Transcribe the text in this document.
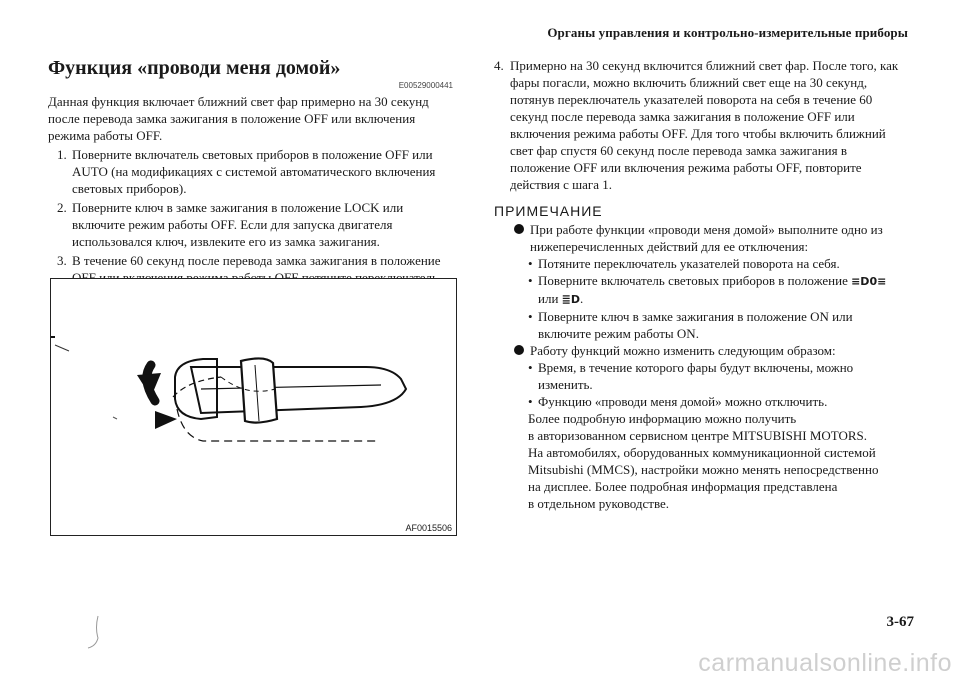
Органы управления и контрольно-измерительные приборы
Функция «проводи меня домой»

E00529000441

Данная функция включает ближний свет фар примерно на 30 секунд после перевода замка зажигания в положение OFF или включения режима работы OFF.

1. Поверните включатель световых приборов в положение OFF или AUTO (на модификациях с системой автоматического включения световых приборов).
2. Поверните ключ в замке зажигания в положение LOCK или включите режим работы OFF. Если для запуска двигателя использовался ключ, извлеките его из замка зажигания.
3. В течение 60 секунд после перевода замка зажигания в положение
AF0015506
4. Примерно на 30 секунд включится ближний свет фар. После того, как фары погасли, можно включить ближний свет еще на 30 секунд, потянув переключатель указателей поворота на себя в течение 60 секунд после перевода замка зажигания в положение OFF или включения режима работы OFF. Для того чтобы включить ближний свет фар спустя 60 секунд после перевода замка зажигания в положение OFF или включения режима работы OFF, повторите действия с шага 1.
ПРИМЕЧАНИЕ
При работе функции «проводи меня домой» выполните одно из нижеперечисленных действий для ее отключения:
• Потяните переключатель указателей поворота на себя.
• Поверните включатель световых приборов в положение ≡D0≡
или ≣D.
• Поверните ключ в замке зажигания в положение ON или включите режим работы ON.
Работу функций можно изменить следующим образом:
• Время, в течение которого фары будут включены, можно изменить.
• Функцию «проводи меня домой» можно отключить.

Более подробную информацию можно получить

в авторизованном сервисном центре MITSUBISHI MOTORS.

На автомобилях, оборудованных коммуникационной системой

Mitsubishi (MMCS), настройки можно менять непосредственно

на дисплее. Более подробная информация представлена

в отдельном руководстве.

3-67
carmanualsonline.info
